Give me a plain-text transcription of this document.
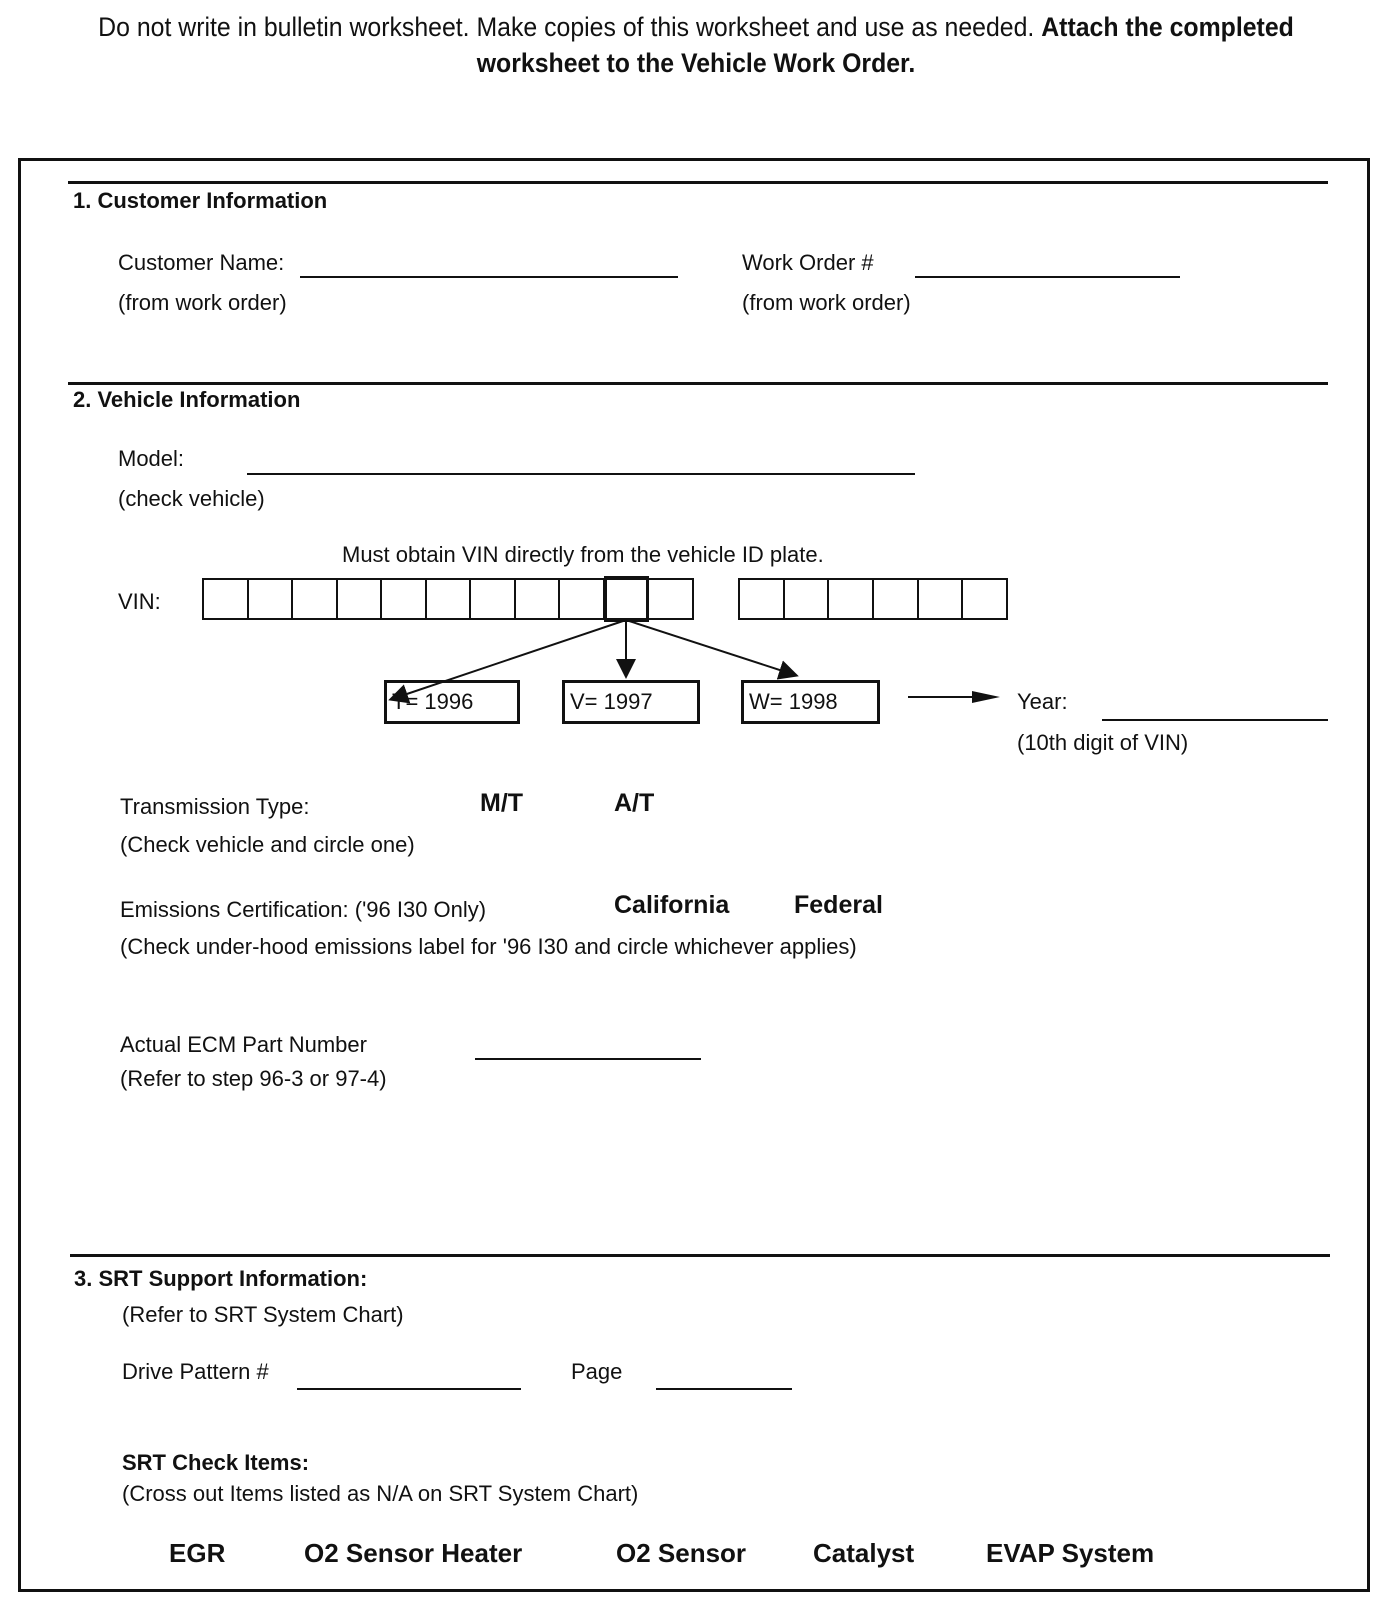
Do not write in bulletin worksheet. Make copies of this worksheet and use as needed. Attach the completed
worksheet to the Vehicle Work Order.
1. Customer Information
Customer Name:
(from work order)
Work Order #
(from work order)
2. Vehicle Information
Model:
(check vehicle)
Must obtain VIN directly from the vehicle ID plate.
VIN:
T= 1996	V= 1997	W= 1998	Year:
(10th digit of VIN)
Transmission Type:	M/T	A/T
(Check vehicle and circle one)
Emissions Certification: ('96 I30 Only)	California	Federal
(Check under-hood emissions label for '96 I30 and circle whichever applies)
Actual ECM Part Number
(Refer to step 96-3 or 97-4)
3. SRT Support Information:
(Refer to SRT System Chart)
Drive Pattern #	Page
SRT Check Items:
(Cross out Items listed as N/A on SRT System Chart)
EGR	O2 Sensor Heater	O2 Sensor	Catalyst	EVAP System
